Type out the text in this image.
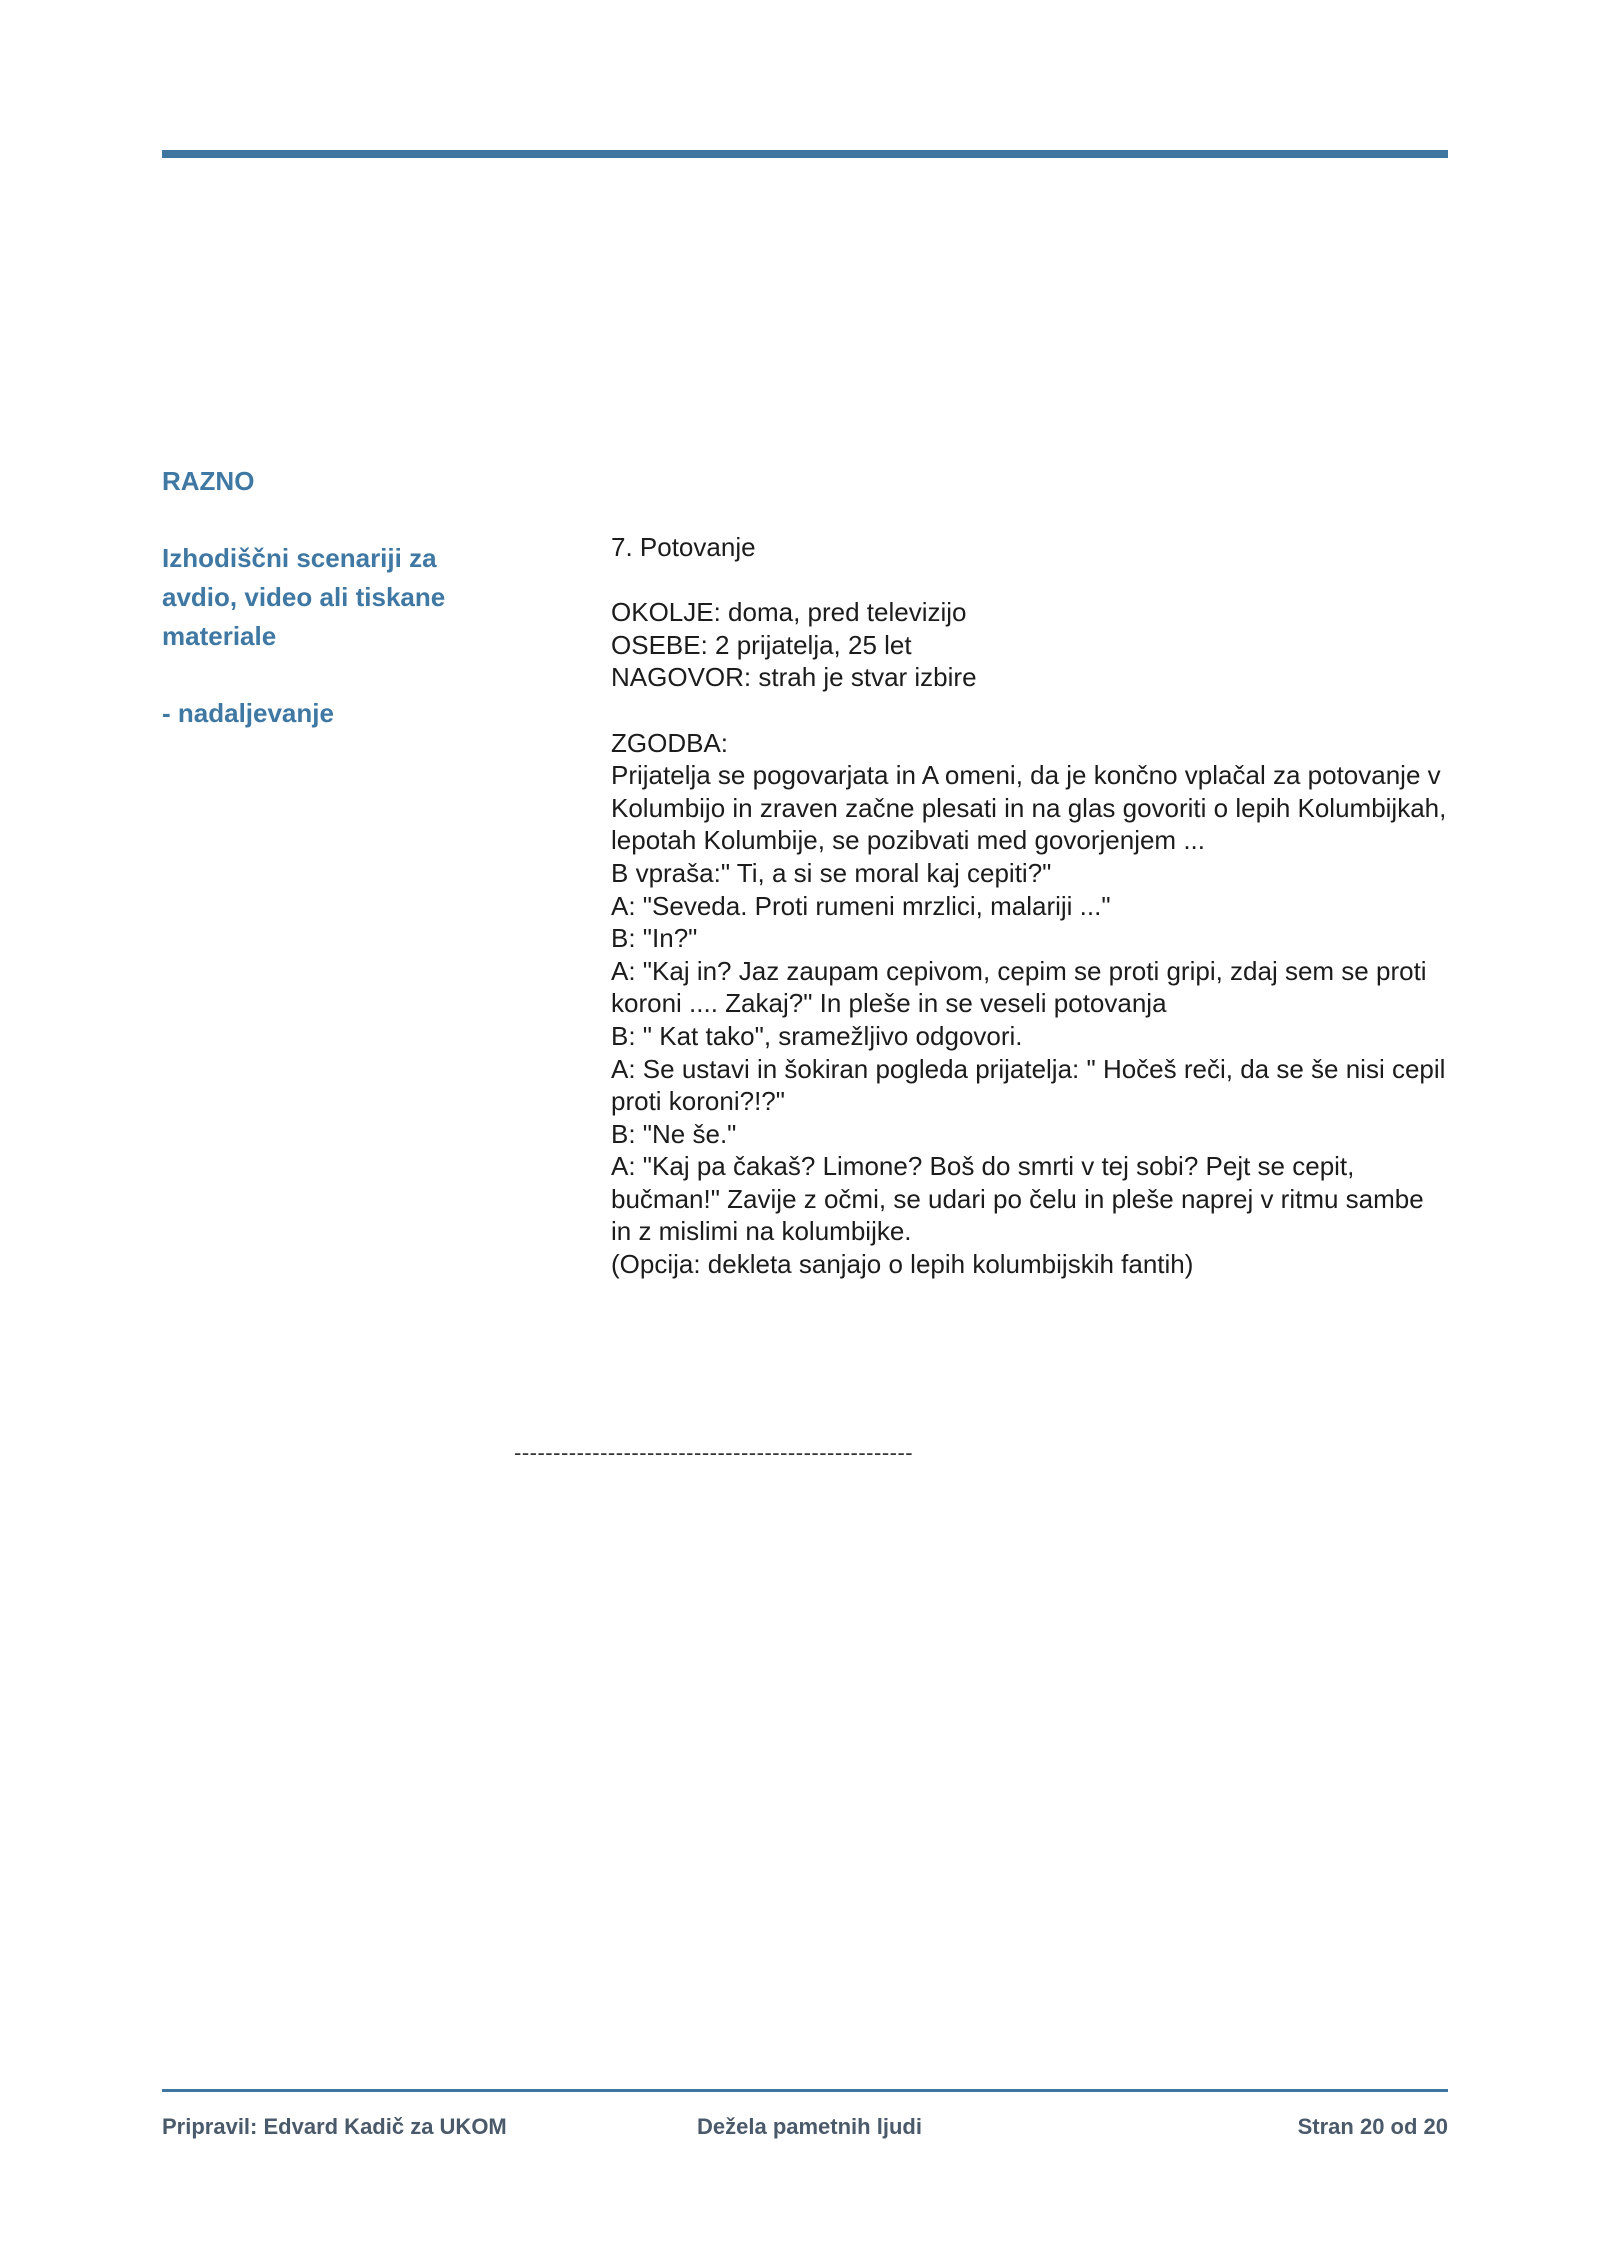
RAZNO
Izhodiščni scenariji za
avdio, video ali tiskane
materiale
- nadaljevanje
7. Potovanje
OKOLJE: doma, pred televizijo
OSEBE: 2 prijatelja, 25 let
NAGOVOR: strah je stvar izbire
ZGODBA:
Prijatelja se pogovarjata in A omeni, da je končno vplačal za potovanje v
Kolumbijo in zraven začne plesati in na glas govoriti o lepih Kolumbijkah,
lepotah Kolumbije, se pozibvati med govorjenjem ...
B vpraša:" Ti, a si se moral kaj cepiti?"
A: "Seveda. Proti rumeni mrzlici, malariji ..."
B: "In?"
A: "Kaj in? Jaz zaupam cepivom, cepim se proti gripi, zdaj sem se proti
koroni .... Zakaj?" In pleše in se veseli potovanja
B: " Kat tako", sramežljivo odgovori.
A: Se ustavi in šokiran pogleda prijatelja: " Hočeš reči, da se še nisi cepil
proti koroni?!?"
B: "Ne še."
A: "Kaj pa čakaš? Limone? Boš do smrti v tej sobi? Pejt se cepit,
bučman!" Zavije z očmi, se udari po čelu in pleše naprej v ritmu sambe
in z mislimi na kolumbijke.
(Opcija: dekleta sanjajo o lepih kolumbijskih fantih)
---------------------------------------------------
Pripravil: Edvard Kadič za UKOM	Dežela pametnih ljudi	Stran 20 od 20
